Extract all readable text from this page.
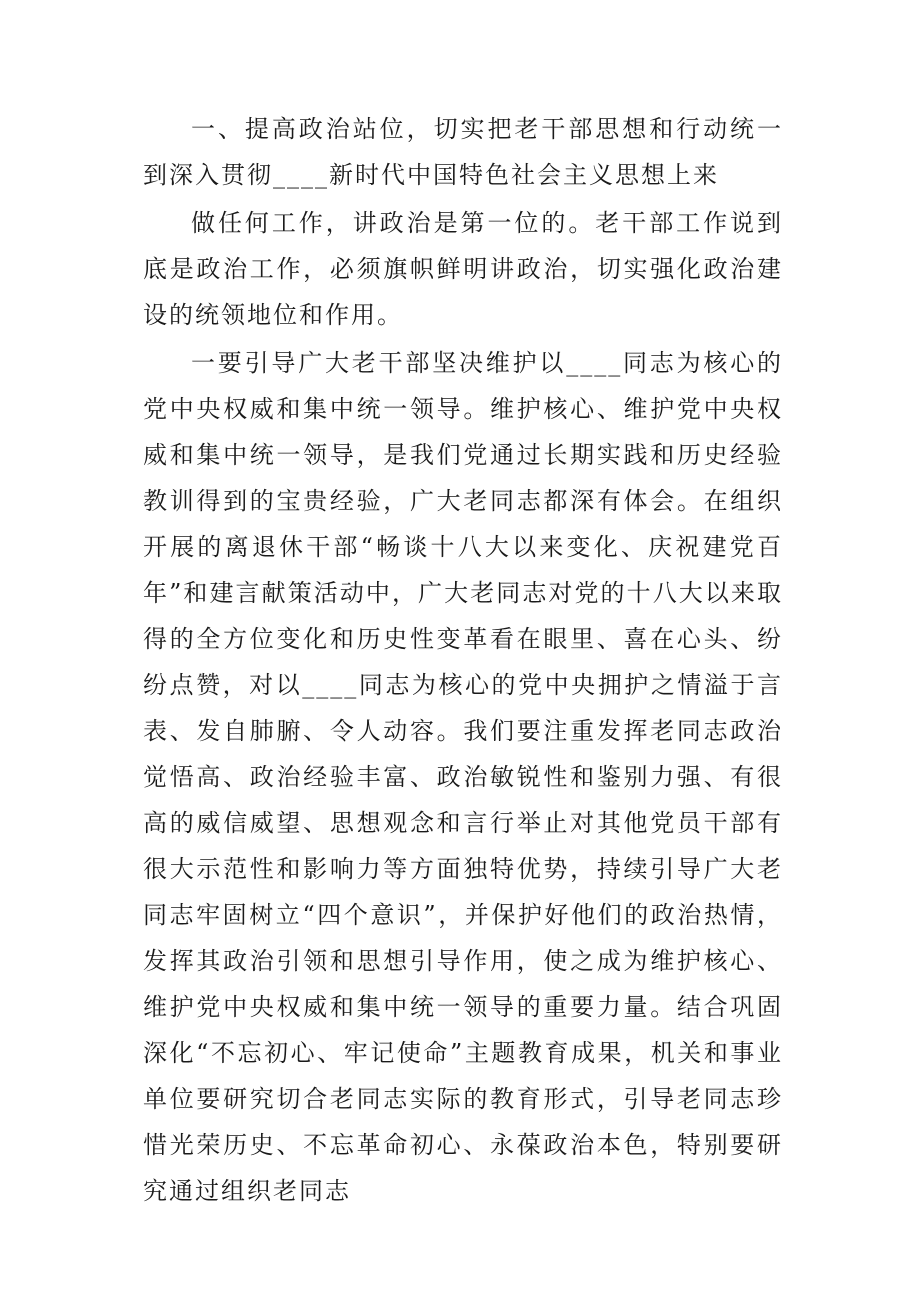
一、提高政治站位，切实把老干部思想和行动统一到深入贯彻____新时代中国特色社会主义思想上来

做任何工作，讲政治是第一位的。老干部工作说到底是政治工作，必须旗帜鲜明讲政治，切实强化政治建设的统领地位和作用。

一要引导广大老干部坚决维护以____同志为核心的党中央权威和集中统一领导。维护核心、维护党中央权威和集中统一领导，是我们党通过长期实践和历史经验教训得到的宝贵经验，广大老同志都深有体会。在组织开展的离退休干部“畅谈十八大以来变化、庆祝建党百年”和建言献策活动中，广大老同志对党的十八大以来取得的全方位变化和历史性变革看在眼里、喜在心头、纷纷点赞，对以____同志为核心的党中央拥护之情溢于言表、发自肺腑、令人动容。我们要注重发挥老同志政治觉悟高、政治经验丰富、政治敏锐性和鉴别力强、有很高的威信威望、思想观念和言行举止对其他党员干部有很大示范性和影响力等方面独特优势，持续引导广大老同志牢固树立“四个意识”，并保护好他们的政治热情，发挥其政治引领和思想引导作用，使之成为维护核心、维护党中央权威和集中统一领导的重要力量。结合巩固深化“不忘初心、牢记使命”主题教育成果，机关和事业单位要研究切合老同志实际的教育形式，引导老同志珍惜光荣历史、不忘革命初心、永葆政治本色，特别要研究通过组织老同志
